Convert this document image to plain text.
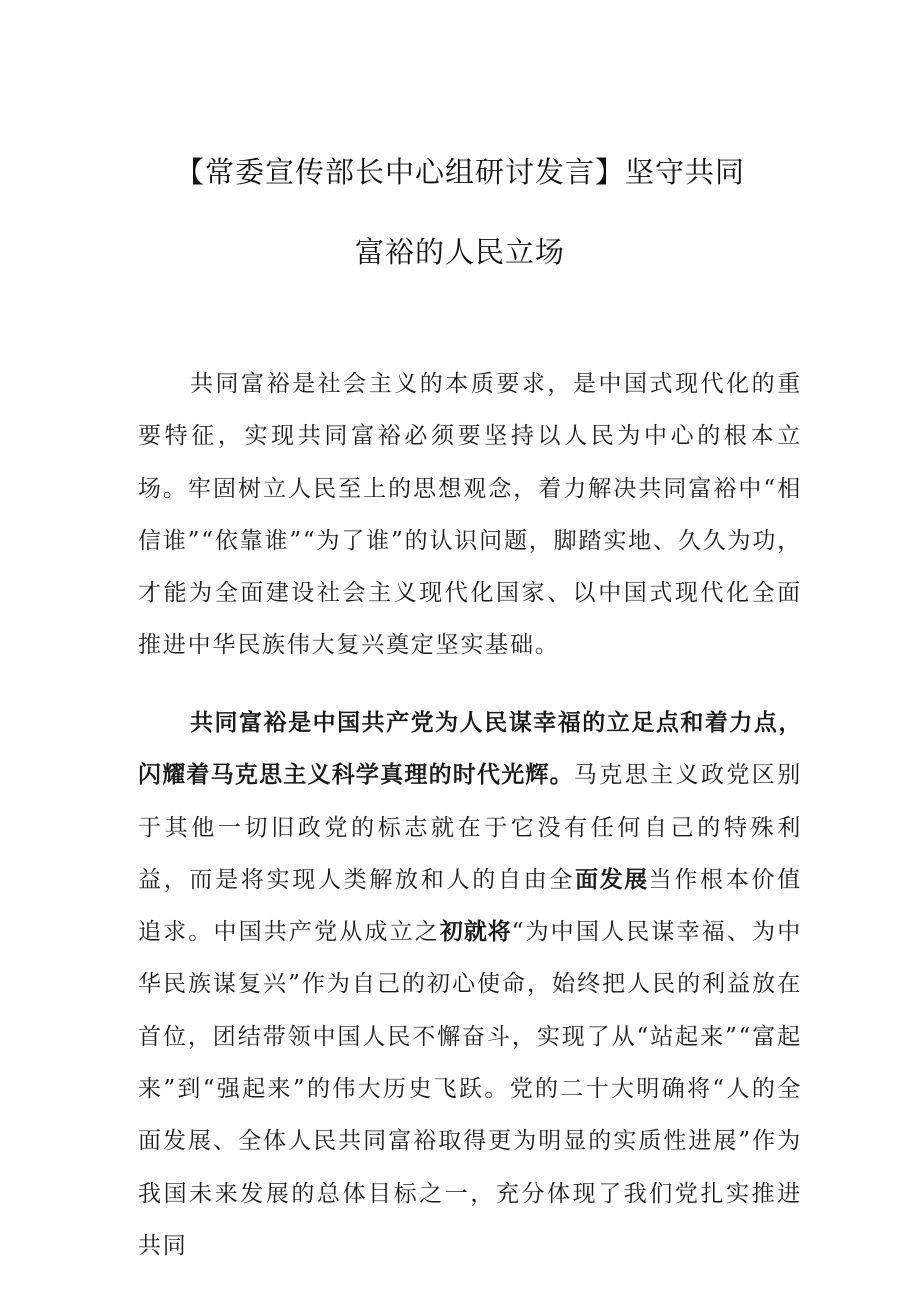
【常委宣传部长中心组研讨发言】坚守共同
富裕的人民立场

共同富裕是社会主义的本质要求，是中国式现代化的重要特征，实现共同富裕必须要坚持以人民为中心的根本立场。牢固树立人民至上的思想观念，着力解决共同富裕中“相信谁”“依靠谁”“为了谁”的认识问题，脚踏实地、久久为功，才能为全面建设社会主义现代化国家、以中国式现代化全面推进中华民族伟大复兴奠定坚实基础。

共同富裕是中国共产党为人民谋幸福的立足点和着力点，闪耀着马克思主义科学真理的时代光辉。马克思主义政党区别于其他一切旧政党的标志就在于它没有任何自己的特殊利益，而是将实现人类解放和人的自由全面发展当作根本价值追求。中国共产党从成立之初就将“为中国人民谋幸福、为中华民族谋复兴”作为自己的初心使命，始终把人民的利益放在首位，团结带领中国人民不懈奋斗，实现了从“站起来”“富起来”到“强起来”的伟大历史飞跃。党的二十大明确将“人的全面发展、全体人民共同富裕取得更为明显的实质性进展”作为我国未来发展的总体目标之一，充分体现了我们党扎实推进共同
